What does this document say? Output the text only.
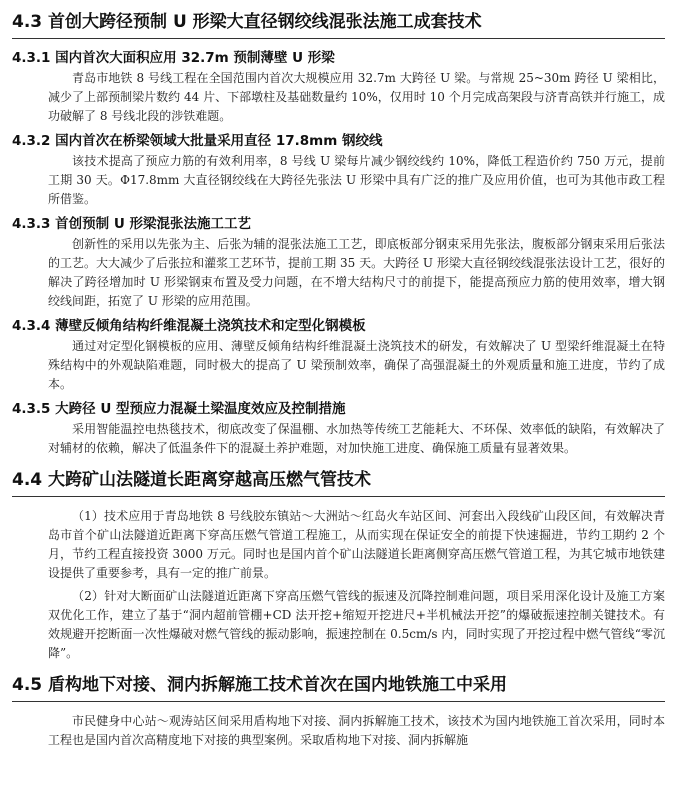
4.3 首创大跨径预制 U 形梁大直径钢绞线混张法施工成套技术
4.3.1 国内首次大面积应用 32.7m 预制薄壁 U 形梁

青岛市地铁 8 号线工程在全国范围内首次大规模应用 32.7m 大跨径 U 梁。与常规 25~30m 跨径 U 梁相比，减少了上部预制梁片数约 44 片、下部墩柱及基础数量约 10%，仅用时 10 个月完成高架段与济青高铁并行施工，成功破解了 8 号线北段的涉铁难题。

4.3.2 国内首次在桥梁领域大批量采用直径 17.8mm 钢绞线

该技术提高了预应力筋的有效利用率，8 号线 U 梁每片减少钢绞线约 10%，降低工程造价约 750 万元，提前工期 30 天。Φ17.8mm 大直径钢绞线在大跨径先张法 U 形梁中具有广泛的推广及应用价值，也可为其他市政工程所借鉴。

4.3.3 首创预制 U 形梁混张法施工工艺

创新性的采用以先张为主、后张为辅的混张法施工工艺，即底板部分钢束采用先张法，腹板部分钢束采用后张法的工艺。大大减少了后张拉和灌浆工艺环节，提前工期 35 天。大跨径 U 形梁大直径钢绞线混张法设计工艺，很好的解决了跨径增加时 U 形梁钢束布置及受力问题，在不增大结构尺寸的前提下，能提高预应力筋的使用效率，增大钢绞线间距，拓宽了 U 形梁的应用范围。

4.3.4 薄壁反倾角结构纤维混凝土浇筑技术和定型化钢模板

通过对定型化钢模板的应用、薄壁反倾角结构纤维混凝土浇筑技术的研发，有效解决了 U 型梁纤维混凝土在特殊结构中的外观缺陷难题，同时极大的提高了 U 梁预制效率，确保了高强混凝土的外观质量和施工进度，节约了成本。

4.3.5 大跨径 U 型预应力混凝土梁温度效应及控制措施

采用智能温控电热毯技术，彻底改变了保温棚、水加热等传统工艺能耗大、不环保、效率低的缺陷，有效解决了对辅材的依赖，解决了低温条件下的混凝土养护难题，对加快施工进度、确保施工质量有显著效果。

4.4 大跨矿山法隧道长距离穿越高压燃气管技术

（1）技术应用于青岛地铁 8 号线胶东镇站～大洲站～红岛火车站区间、河套出入段线矿山段区间，有效解决青岛市首个矿山法隧道近距离下穿高压燃气管道工程施工，从而实现在保证安全的前提下快速掘进，节约工期约 2 个月，节约工程直接投资 3000 万元。同时也是国内首个矿山法隧道长距离侧穿高压燃气管道工程，为其它城市地铁建设提供了重要参考，具有一定的推广前景。

（2）针对大断面矿山法隧道近距离下穿高压燃气管线的振速及沉降控制难问题，项目采用深化设计及施工方案双优化工作，建立了基于“洞内超前管棚+CD 法开挖+缩短开挖进尺+半机械法开挖”的爆破振速控制关键技术。有效规避开挖断面一次性爆破对燃气管线的振动影响，振速控制在 0.5cm/s 内，同时实现了开挖过程中燃气管线“零沉降”。

4.5 盾构地下对接、洞内拆解施工技术首次在国内地铁施工中采用

市民健身中心站～观涛站区间采用盾构地下对接、洞内拆解施工技术，该技术为国内地铁施工首次采用，同时本工程也是国内首次高精度地下对接的典型案例。采取盾构地下对接、洞内拆解施
